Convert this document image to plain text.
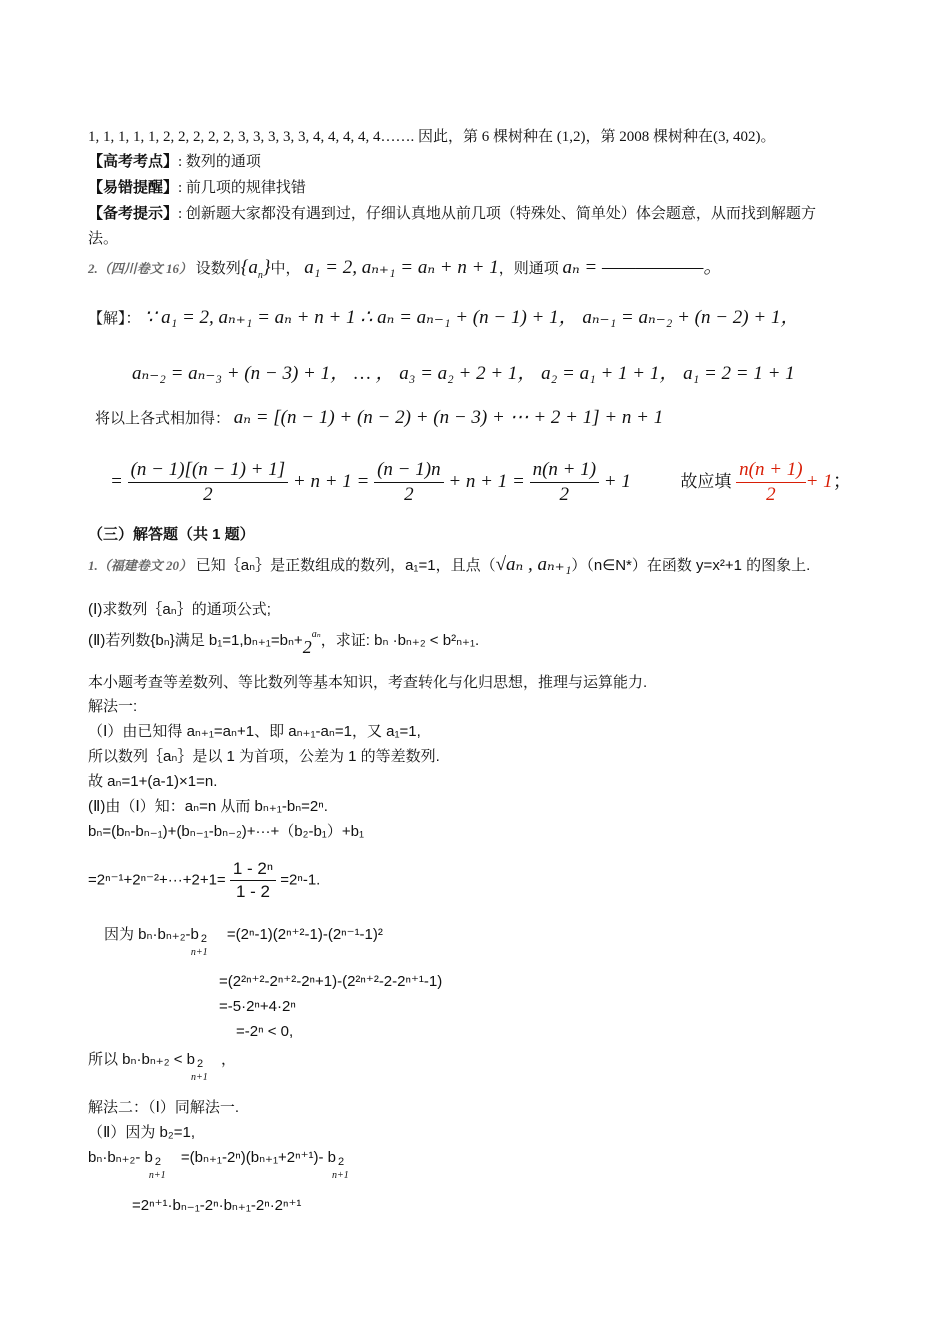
1, 1, 1, 1, 1, 2, 2, 2, 2, 2, 3, 3, 3, 3, 3, 4, 4, 4, 4, 4……. 因此，第 6 棵树种在 (1,2)，第 2008 棵树种在(3, 402)。
【高考考点】: 数列的通项
【易错提醒】: 前几项的规律找错
【备考提示】: 创新题大家都没有遇到过，仔细认真地从前几项（特殊处、简单处）体会题意，从而找到解题方
法。
2.（四川卷文 16） 设数列$\{a_n\}$中， a₁ = 2, aₙ₊₁ = aₙ + n + 1，则通项 aₙ = ——————。
【解】： ∵ a₁ = 2, aₙ₊₁ = aₙ + n + 1 ∴ aₙ = aₙ₋₁ + (n − 1) + 1， aₙ₋₁ = aₙ₋₂ + (n − 2) + 1，
aₙ₋₂ = aₙ₋₃ + (n − 3) + 1， … ， a₃ = a₂ + 2 + 1， a₂ = a₁ + 1 + 1， a₁ = 2 = 1 + 1
将以上各式相加得： aₙ = [(n − 1) + (n − 2) + (n − 3) + ⋯ + 2 + 1] + n + 1
= $\frac{(n - 1)[(n - 1) + 1]}{2} + n + 1 = \frac{(n - 1)n}{2} + n + 1 = \frac{n(n + 1)}{2} + 1$	故应填 $\frac{n(n + 1)}{2} + 1$；
（三）解答题（共 1 题）
1.（福建卷文 20） 已知｛aₙ｝是正数组成的数列，a₁=1，且点（√aₙ , aₙ₊₁）（n∈N*）在函数 y=x²+1 的图象上.
(Ⅰ)求数列｛aₙ｝的通项公式;
(Ⅱ)若列数{bₙ}满足 $b_1=1,b_{n+1}=b_n+2^{a_n}$，求证: bₙ ·bₙ₊₂ < b²ₙ₊₁.
本小题考查等差数列、等比数列等基本知识，考查转化与化归思想，推理与运算能力.
解法一:
（Ⅰ）由已知得 aₙ₊₁=aₙ+1、即 aₙ₊₁-aₙ=1，又 a₁=1,
所以数列｛aₙ｝是以 1 为首项，公差为 1 的等差数列.
故 aₙ=1+(a-1)×1=n.
(Ⅱ)由（Ⅰ）知：aₙ=n 从而 bₙ₊₁-bₙ=2ⁿ.
bₙ=(bₙ-bₙ₋₁)+(bₙ₋₁-bₙ₋₂)+···+（b₂-b₁）+b₁
$=2^{n-1}+2^{n-2}+\cdot\cdot\cdot+2+1= \frac{\text{1 - 2ⁿ}}{1 - 2} =2^n-1$.
因为 bₙ·bₙ₊₂-b 2
n+1
=(2ⁿ-1)(2ⁿ⁺²-1)-(2ⁿ⁻¹-1)²
=(2²ⁿ⁺²-2ⁿ⁺²-2ⁿ+1)-(2²ⁿ⁺²-2-2ⁿ⁺¹-1)
=-5·2ⁿ+4·2ⁿ
=-2ⁿ < 0,
所以 bₙ·bₙ₊₂ < b 2
n+1
，
解法二：（Ⅰ）同解法一.
（Ⅱ）因为 b₂=1,
bₙ·bₙ₊₂- b 2
n+1
=(bₙ₊₁-2ⁿ)(bₙ₊₁+2ⁿ⁺¹)- b 2
n+1
=2ⁿ⁺¹·bₙ₋₁-2ⁿ·bₙ₊₁-2ⁿ·2ⁿ⁺¹
